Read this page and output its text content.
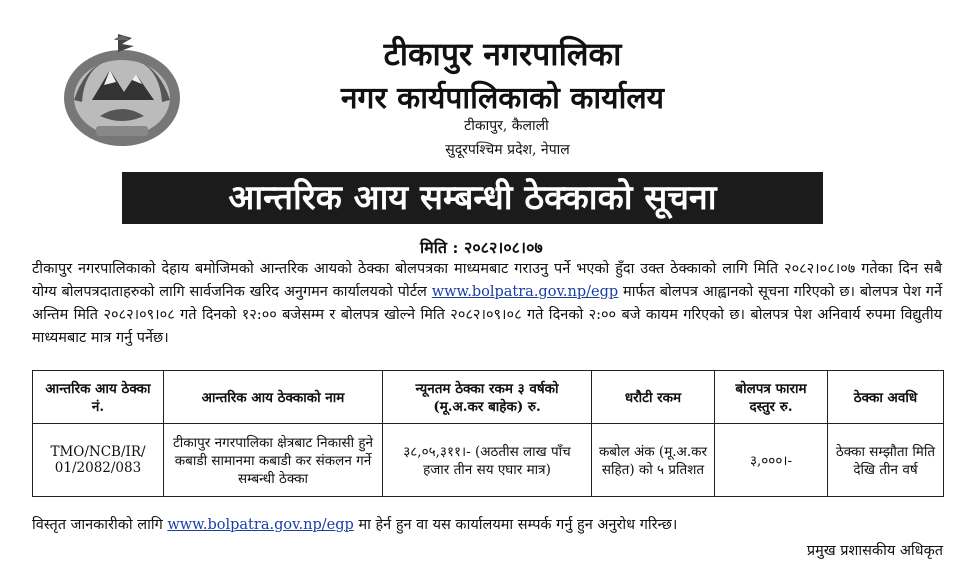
टीकापुर नगरपालिका
नगर कार्यपालिकाको कार्यालय
टीकापुर, कैलाली
सुदूरपश्चिम प्रदेश, नेपाल
आन्तरिक आय सम्बन्धी ठेक्काको सूचना
मिति : २०८२।०८।०७
टीकापुर नगरपालिकाको देहाय बमोजिमको आन्तरिक आयको ठेक्का बोलपत्रका माध्यमबाट गराउनु पर्ने भएको हुँदा उक्त ठेक्काको लागि मिति २०८२।०८।०७ गतेका दिन सबै योग्य बोलपत्रदाताहरुको लागि सार्वजनिक खरिद अनुगमन कार्यालयको पोर्टल www.bolpatra.gov.np/egp मार्फत बोलपत्र आह्वानको सूचना गरिएको छ। बोलपत्र पेश गर्ने अन्तिम मिति २०८२।०९।०८ गते दिनको १२:०० बजेसम्म र बोलपत्र खोल्ने मिति २०८२।०९।०८ गते दिनको २:०० बजे कायम गरिएको छ। बोलपत्र पेश अनिवार्य रुपमा विद्युतीय माध्यमबाट मात्र गर्नु पर्नेछ।
आन्तरिक आय ठेक्का नं.	आन्तरिक आय ठेक्काको नाम	न्यूनतम ठेक्का रकम ३ वर्षको (मू.अ.कर बाहेक) रु.	धरौटी रकम	बोलपत्र फाराम दस्तुर रु.	ठेक्का अवधि
TMO/NCB/IR/ 01/2082/083	टीकापुर नगरपालिका क्षेत्रबाट निकासी हुने कबाडी सामानमा कबाडी कर संकलन गर्ने सम्बन्धी ठेक्का	३८,०५,३११।- (अठतीस लाख पाँच हजार तीन सय एघार मात्र)	कबोल अंक (मू.अ.कर सहित) को ५ प्रतिशत	३,०००।-	ठेक्का सम्झौता मिति देखि तीन वर्ष
विस्तृत जानकारीको लागि www.bolpatra.gov.np/egp मा हेर्न हुन वा यस कार्यालयमा सम्पर्क गर्नु हुन अनुरोध गरिन्छ।
प्रमुख प्रशासकीय अधिकृत
